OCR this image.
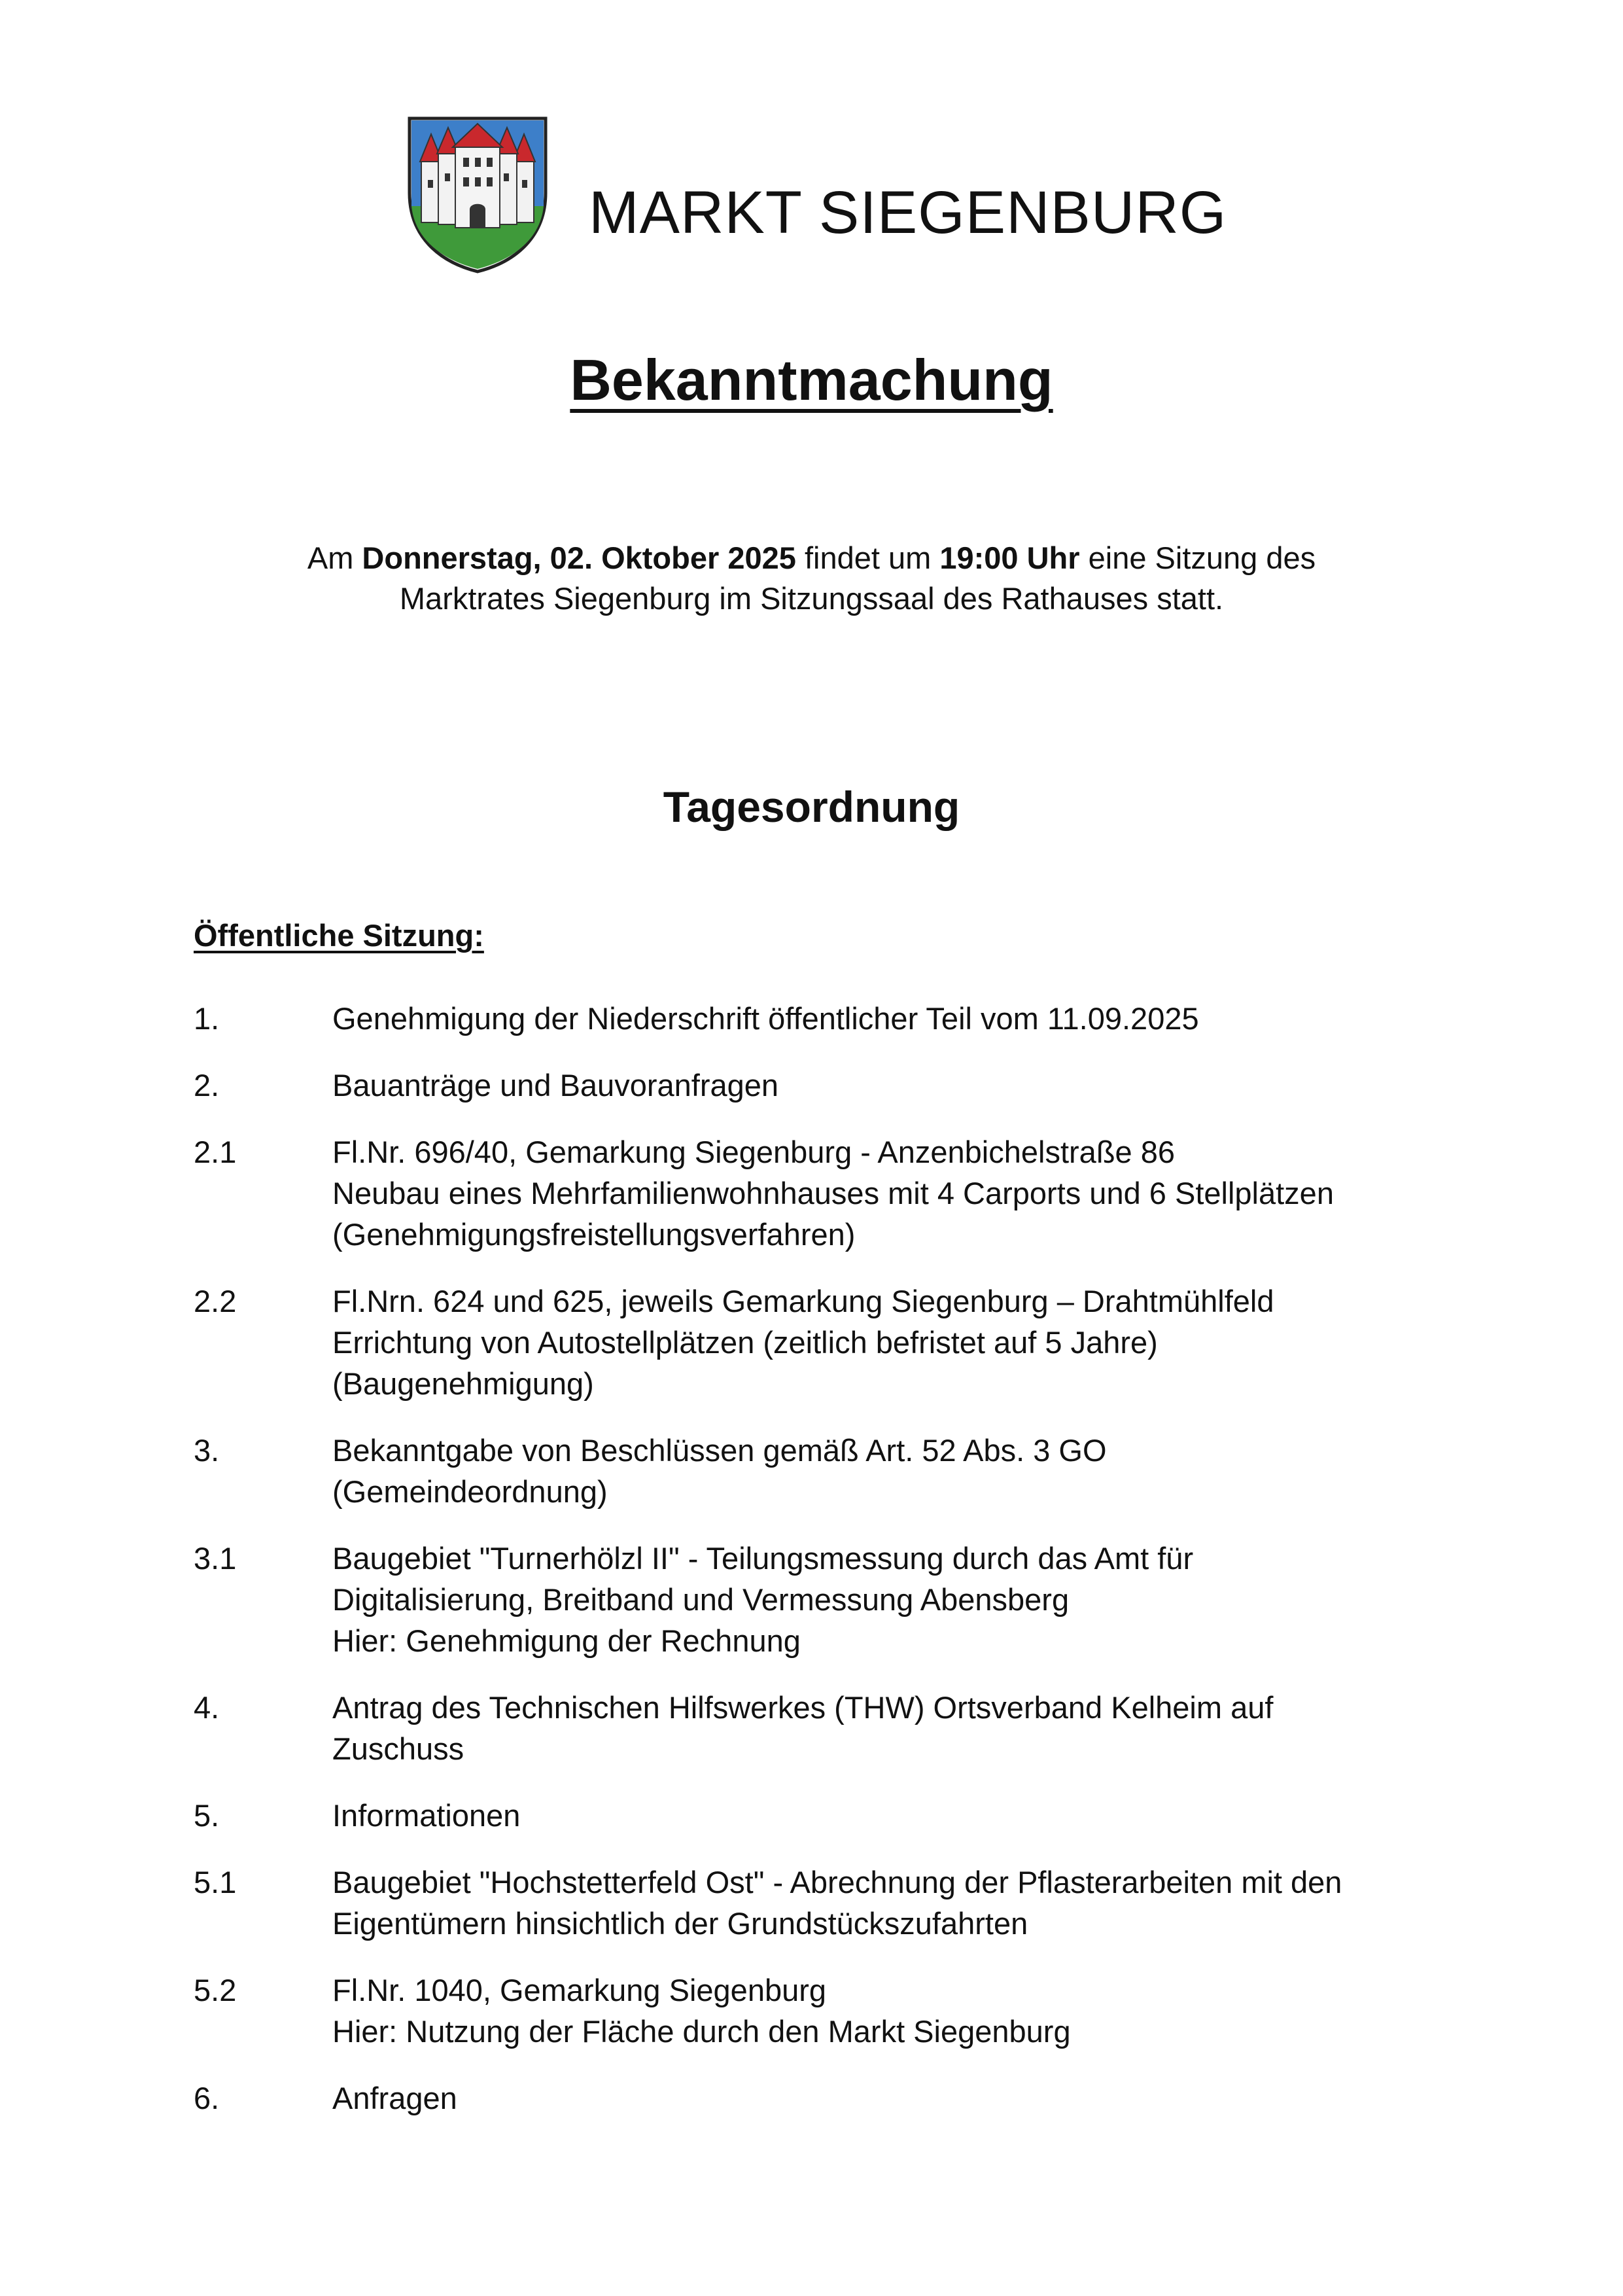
MARKT SIEGENBURG
Bekanntmachung
Am Donnerstag, 02. Oktober 2025 findet um 19:00 Uhr eine Sitzung des
Marktrates Siegenburg im Sitzungssaal des Rathauses statt.
Tagesordnung
Öffentliche Sitzung:
1.	Genehmigung der Niederschrift öffentlicher Teil vom 11.09.2025
2.	Bauanträge und Bauvoranfragen
2.1	Fl.Nr. 696/40, Gemarkung Siegenburg - Anzenbichelstraße 86
Neubau eines Mehrfamilienwohnhauses mit 4 Carports und 6 Stellplätzen
(Genehmigungsfreistellungsverfahren)
2.2	Fl.Nrn. 624 und 625, jeweils Gemarkung Siegenburg – Drahtmühlfeld
Errichtung von Autostellplätzen (zeitlich befristet auf 5 Jahre)
(Baugenehmigung)
3.	Bekanntgabe von Beschlüssen gemäß Art. 52 Abs. 3 GO
(Gemeindeordnung)
3.1	Baugebiet "Turnerhölzl II" - Teilungsmessung durch das Amt für
Digitalisierung, Breitband und Vermessung Abensberg
Hier: Genehmigung der Rechnung
4.	Antrag des Technischen Hilfswerkes (THW) Ortsverband Kelheim auf
Zuschuss
5.	Informationen
5.1	Baugebiet "Hochstetterfeld Ost" - Abrechnung der Pflasterarbeiten mit den
Eigentümern hinsichtlich der Grundstückszufahrten
5.2	Fl.Nr. 1040, Gemarkung Siegenburg
Hier: Nutzung der Fläche durch den Markt Siegenburg
6.	Anfragen
